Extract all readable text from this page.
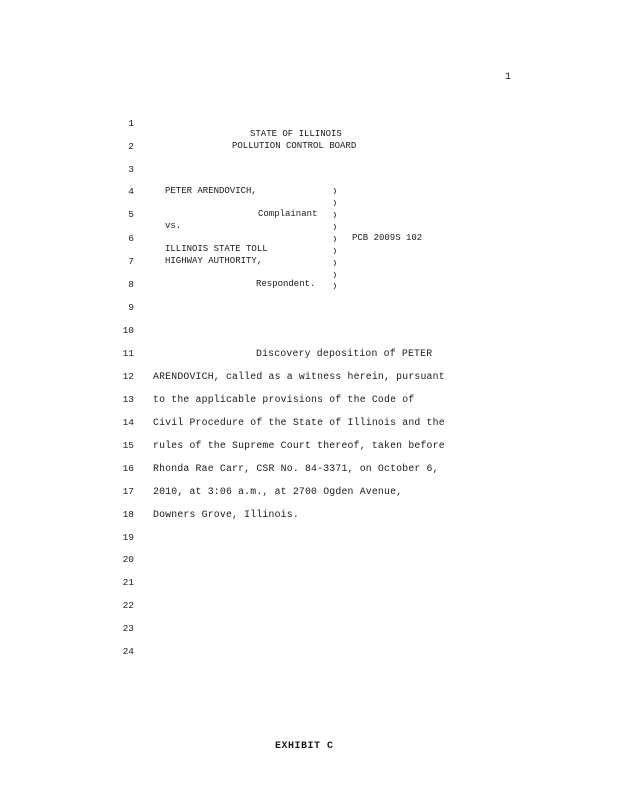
1
1
2
3
4
5
6
7
8
9
10
11
12
13
14
15
16
17
18
19
20
21
22
23
24
STATE OF ILLINOIS
POLLUTION CONTROL BOARD
PETER ARENDOVICH,
Complainant
vs.
PCB 2009S 102
ILLINOIS STATE TOLL
HIGHWAY AUTHORITY,
Respondent.
Discovery deposition of PETER
ARENDOVICH, called as a witness herein, pursuant
to the applicable provisions of the Code of
Civil Procedure of the State of Illinois and the
rules of the Supreme Court thereof, taken before
Rhonda Rae Carr, CSR No. 84-3371, on October 6,
2010, at 3:06 a.m., at 2700 Ogden Avenue,
Downers Grove, Illinois.
EXHIBIT C
